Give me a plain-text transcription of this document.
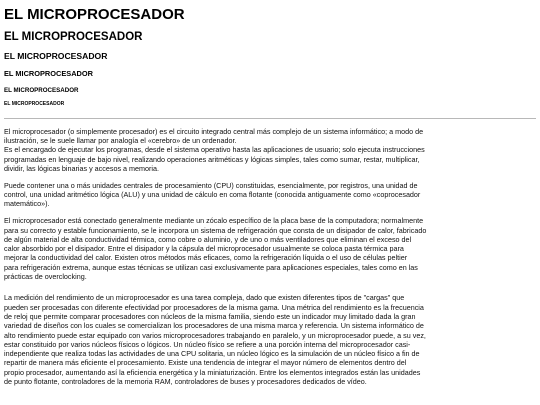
EL MICROPROCESADOR
EL MICROPROCESADOR
EL MICROPROCESADOR
EL MICROPROCESADOR
EL MICROPROCESADOR
EL MICROPROCESADOR

El microprocesador (o simplemente procesador) es el circuito integrado central más complejo de un sistema informático; a modo de
ilustración, se le suele llamar por analogía el «cerebro» de un ordenador.
Es el encargado de ejecutar los programas, desde el sistema operativo hasta las aplicaciones de usuario; solo ejecuta instrucciones
programadas en lenguaje de bajo nivel, realizando operaciones aritméticas y lógicas simples, tales como sumar, restar, multiplicar,
dividir, las lógicas binarias y accesos a memoria.

Puede contener una o más unidades centrales de procesamiento (CPU) constituidas, esencialmente, por registros, una unidad de
control, una unidad aritmético lógica (ALU) y una unidad de cálculo en coma flotante (conocida antiguamente como «coprocesador
matemático»).

El microprocesador está conectado generalmente mediante un zócalo específico de la placa base de la computadora; normalmente
para su correcto y estable funcionamiento, se le incorpora un sistema de refrigeración que consta de un disipador de calor, fabricado
de algún material de alta conductividad térmica, como cobre o aluminio, y de uno o más ventiladores que eliminan el exceso del
calor absorbido por el disipador. Entre el disipador y la cápsula del microprocesador usualmente se coloca pasta térmica para
mejorar la conductividad del calor. Existen otros métodos más eficaces, como la refrigeración líquida o el uso de células peltier
para refrigeración extrema, aunque estas técnicas se utilizan casi exclusivamente para aplicaciones especiales, tales como en las
prácticas de overclocking.

La medición del rendimiento de un microprocesador es una tarea compleja, dado que existen diferentes tipos de "cargas" que
pueden ser procesadas con diferente efectividad por procesadores de la misma gama. Una métrica del rendimiento es la frecuencia
de reloj que permite comparar procesadores con núcleos de la misma familia, siendo este un indicador muy limitado dada la gran
variedad de diseños con los cuales se comercializan los procesadores de una misma marca y referencia. Un sistema informático de
alto rendimiento puede estar equipado con varios microprocesadores trabajando en paralelo, y un microprocesador puede, a su vez,
estar constituido por varios núcleos físicos o lógicos. Un núcleo físico se refiere a una porción interna del microprocesador casi-
independiente que realiza todas las actividades de una CPU solitaria, un núcleo lógico es la simulación de un núcleo físico a fin de
repartir de manera más eficiente el procesamiento. Existe una tendencia de integrar el mayor número de elementos dentro del
propio procesador, aumentando así la eficiencia energética y la miniaturización. Entre los elementos integrados están las unidades
de punto flotante, controladores de la memoria RAM, controladores de buses y procesadores dedicados de vídeo.
